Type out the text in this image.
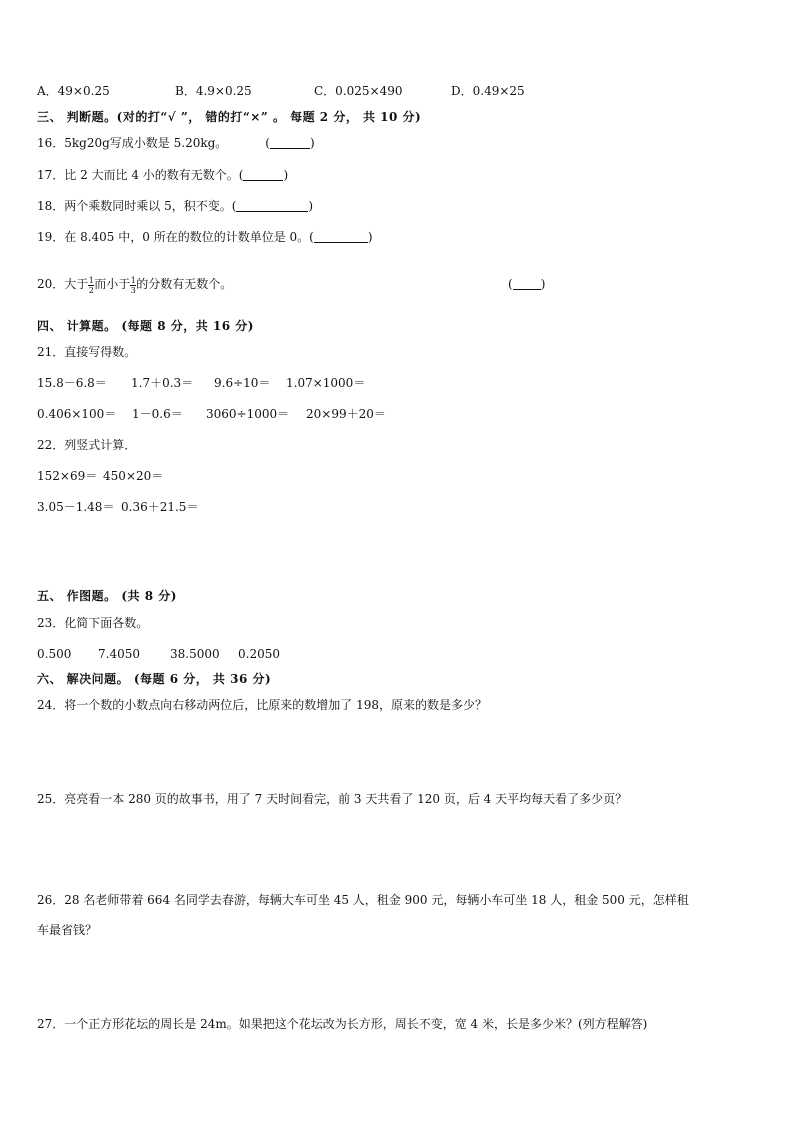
A．49×0.25	B．4.9×0.25	C．0.025×490	D．0.49×25
三、 判断题。(对的打“√ ”， 错的打“×” 。 每题 2 分， 共 10 分)
16．5kg20g写成小数是 5.20kg。	(	)
17．比 2 大而比 4 小的数有无数个。(	)
18．两个乘数同时乘以 5，积不变。(	)
19．在 8.405 中，0 所在的数位的计数单位是 0。(	)
20．大于 $\frac{1}{2}$ 而小于 $\frac{1}{3}$ 的分数有无数个。	( )
四、 计算题。 (每题 8 分，共 16 分)
21．直接写得数。
15.8－6.8＝ 1.7＋0.3＝ 9.6÷10＝ 1.07×1000＝
0.406×100＝ 1－0.6＝ 3060÷1000＝ 20×99＋20＝
22．列竖式计算．
152×69＝ 450×20＝
3.05－1.48＝ 0.36＋21.5＝
五、 作图题。 (共 8 分)
23．化简下面各数。
0.500 7.4050	38.5000 0.2050
六、 解决问题。 (每题 6 分， 共 36 分)
24．将一个数的小数点向右移动两位后，比原来的数增加了 198，原来的数是多少？
25．亮亮看一本 280 页的故事书，用了 7 天时间看完，前 3 天共看了 120 页，后 4 天平均每天看了多少页？
26．28 名老师带着 664 名同学去春游，每辆大车可坐 45 人，租金 900 元，每辆小车可坐 18 人，租金 500 元，怎样租
车最省钱？
27．一个正方形花坛的周长是 24m。如果把这个花坛改为长方形，周长不变，宽 4 米，长是多少米？(列方程解答)
